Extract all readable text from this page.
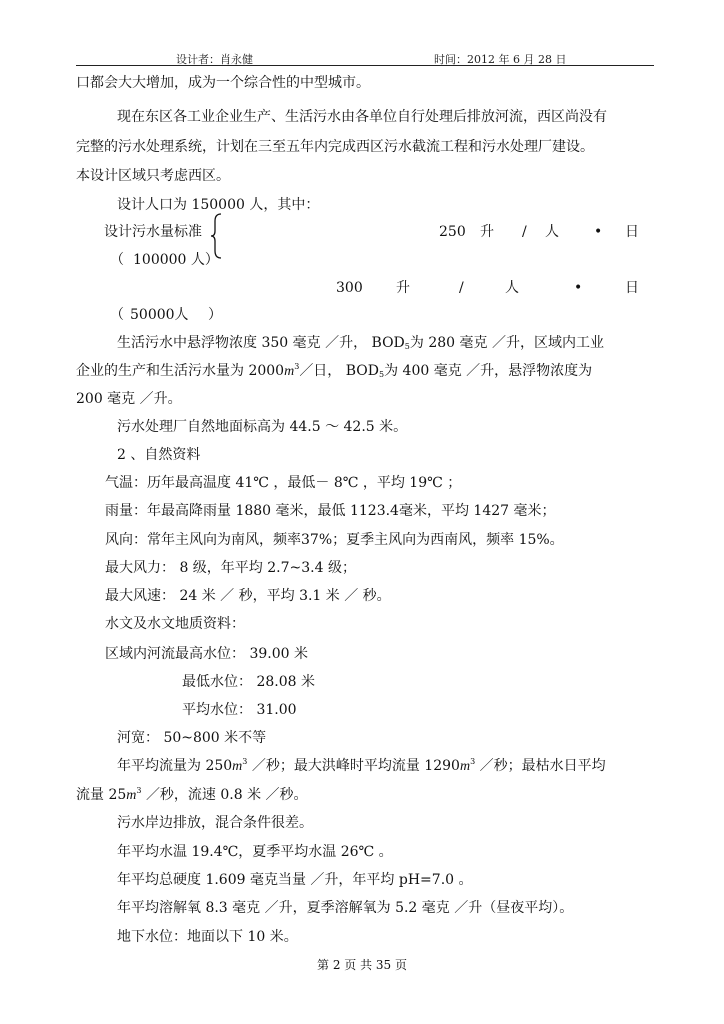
设计者：肖永健	时间：2012 年 6 月 28 日
口都会大大增加，成为一个综合性的中型城市。
现在东区各工业企业生产、生活污水由各单位自行处理后排放河流，西区尚没有
完整的污水处理系统，计划在三至五年内完成西区污水截流工程和污水处理厂建设。
本设计区域只考虑西区。
设计人口为 150000 人，其中：
设计污水量标准	250 升 / 人	• 日
（ 100000 人）
300 升	/	人	•	日
（ 50000人 ）
生活污水中悬浮物浓度 350 毫克 ／升， $BOD_5$为 280 毫克 ／升，区域内工业
企业的生产和生活污水量为 $2000m^3/$日， $BOD_5$为 400 毫克 ／升，悬浮物浓度为
200 毫克 ／升。
污水处理厂自然地面标高为 44.5 ～ 42.5 米。
2 、自然资料
气温：历年最高温度 41℃ ，最低－ 8℃ ，平均 19℃ ；
雨量：年最高降雨量 1880 毫米，最低 1123.4毫米，平均 1427 毫米；
风向：常年主风向为南风，频率37%；夏季主风向为西南风，频率 15%。
最大风力： 8 级，年平均 2.7~3.4 级；
最大风速： 24 米 ／ 秒，平均 3.1 米 ／ 秒。
水文及水文地质资料：
区域内河流最高水位： 39.00 米
最低水位： 28.08 米
平均水位： 31.00
河宽： 50~800 米不等
年平均流量为 $250m^3$ ／秒；最大洪峰时平均流量 $1290m^3$ ／秒；最枯水日平均
流量 $25m^3$ ／秒，流速 0.8 米 ／秒。
污水岸边排放，混合条件很差。
年平均水温 19.4℃，夏季平均水温 26℃ 。
年平均总硬度 1.609 毫克当量 ／升，年平均 pH=7.0 。
年平均溶解氧 8.3 毫克 ／升，夏季溶解氧为 5.2 毫克 ／升（昼夜平均）。
地下水位：地面以下 10 米。
第 2 页 共 35 页
